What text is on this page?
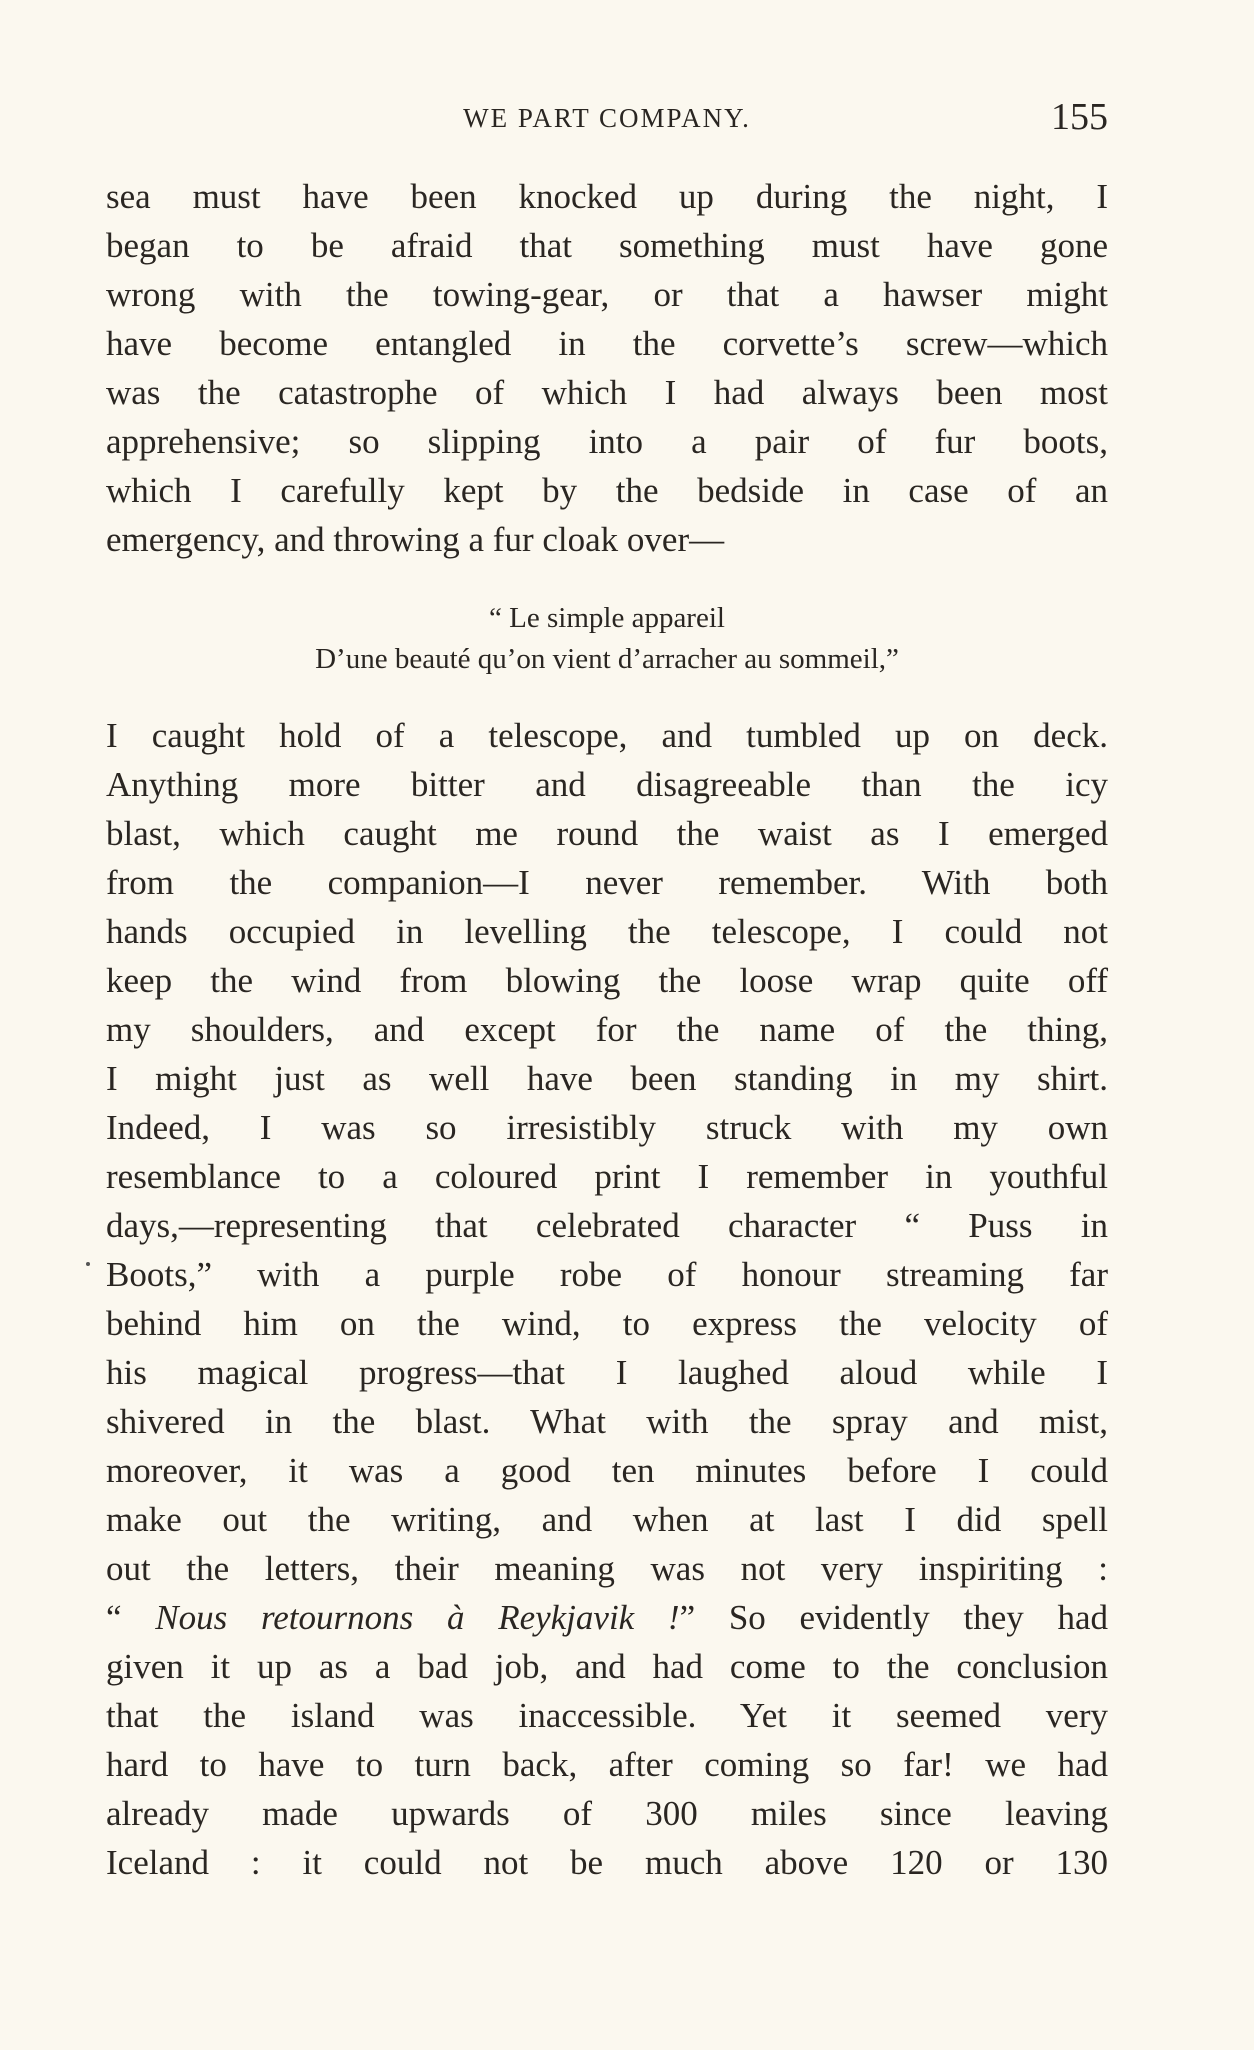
WE PART COMPANY.	155
sea must have been knocked up during the night, I
began to be afraid that something must have gone
wrong with the towing-gear, or that a hawser might
have become entangled in the corvette’s screw—which
was the catastrophe of which I had always been most
apprehensive; so slipping into a pair of fur boots,
which I carefully kept by the bedside in case of an
emergency, and throwing a fur cloak over—
“ Le simple appareil
D’une beauté qu’on vient d’arracher au sommeil,”
I caught hold of a telescope, and tumbled up on deck.
Anything more bitter and disagreeable than the icy
blast, which caught me round the waist as I emerged
from the companion—I never remember. With both
hands occupied in levelling the telescope, I could not
keep the wind from blowing the loose wrap quite off
my shoulders, and except for the name of the thing,
I might just as well have been standing in my shirt.
Indeed, I was so irresistibly struck with my own
resemblance to a coloured print I remember in youthful
days,—representing that celebrated character “ Puss in
Boots,” with a purple robe of honour streaming far
behind him on the wind, to express the velocity of
his magical progress—that I laughed aloud while I
shivered in the blast. What with the spray and mist,
moreover, it was a good ten minutes before I could
make out the writing, and when at last I did spell
out the letters, their meaning was not very inspiriting :
“ Nous retournons à Reykjavik !” So evidently they had
given it up as a bad job, and had come to the conclusion
that the island was inaccessible. Yet it seemed very
hard to have to turn back, after coming so far! we had
already made upwards of 300 miles since leaving
Iceland : it could not be much above 120 or 130
